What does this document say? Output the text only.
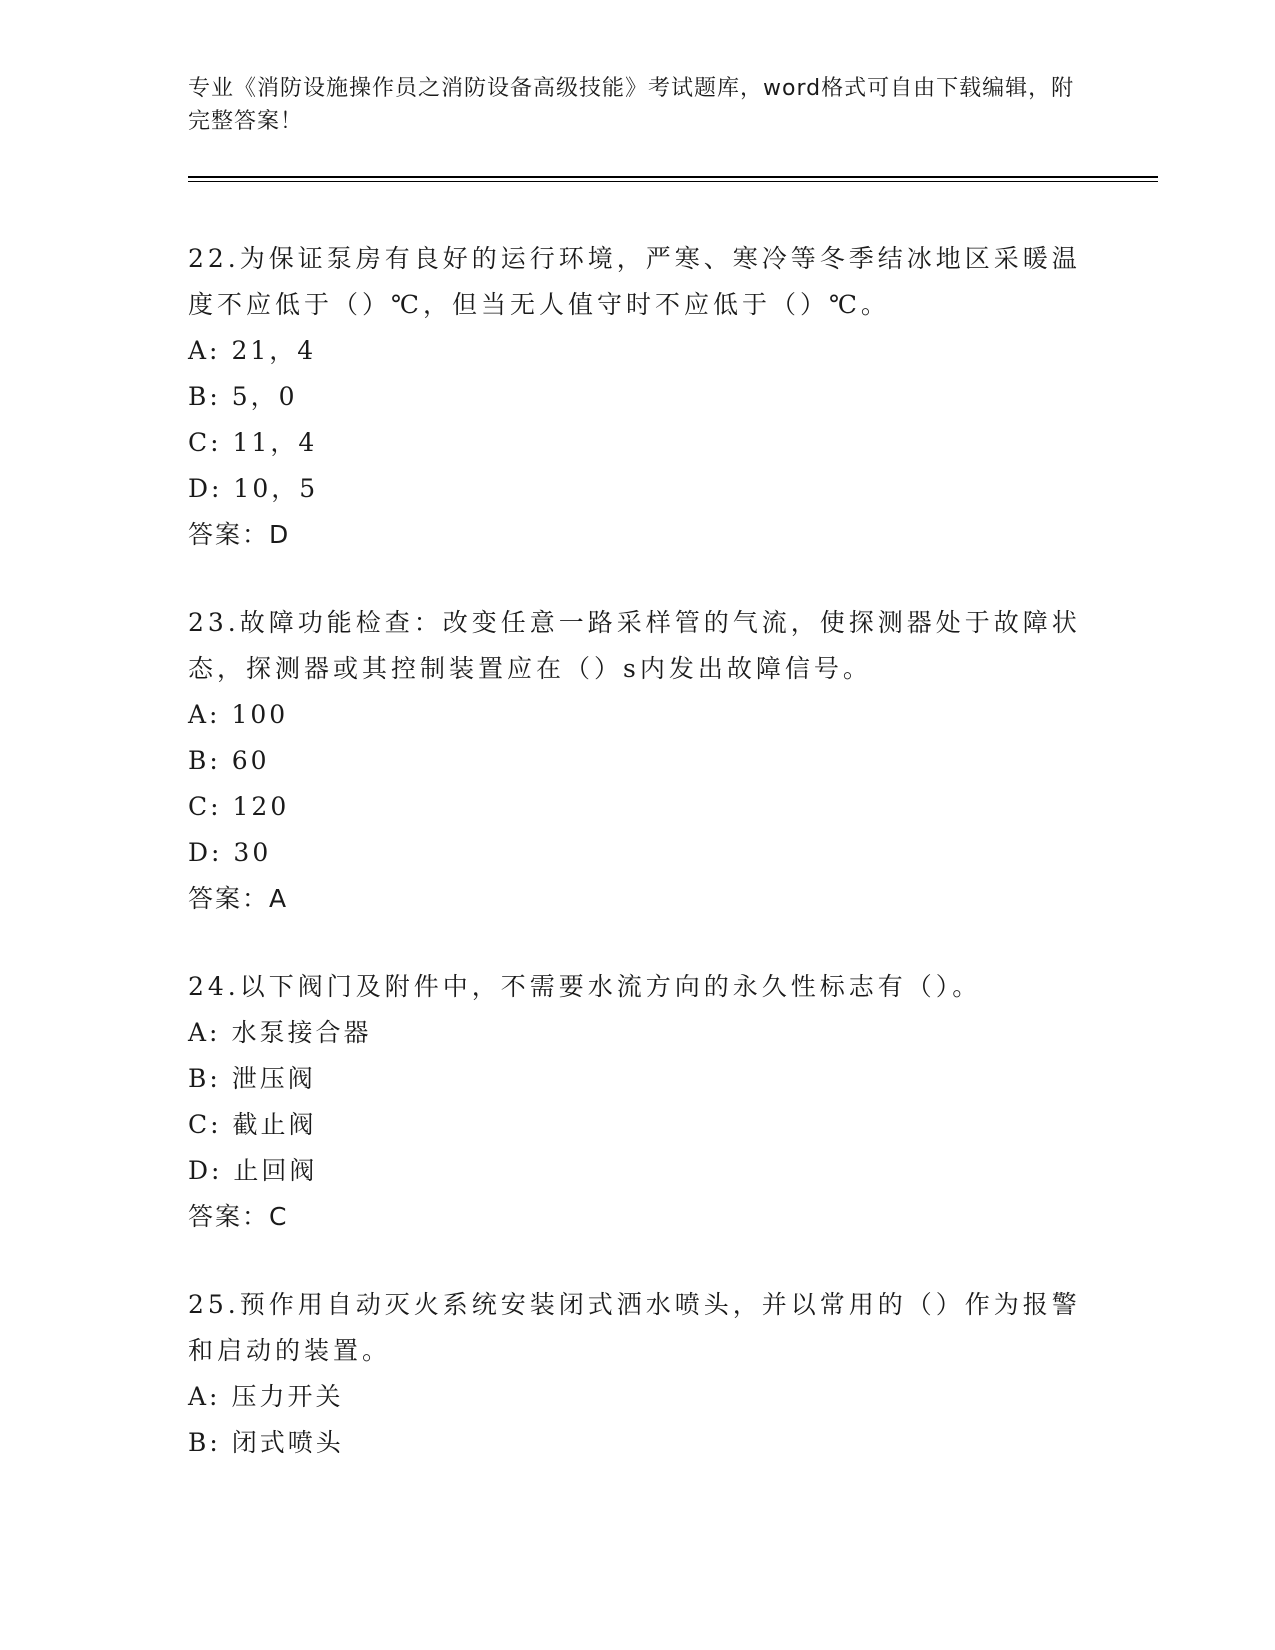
专业《消防设施操作员之消防设备高级技能》考试题库，word格式可自由下载编辑，附完整答案！

22.为保证泵房有良好的运行环境，严寒、寒冷等冬季结冰地区采暖温度不应低于（）℃，但当无人值守时不应低于（）℃。

A: 21，4

B: 5，0

C: 11，4

D: 10，5

答案：D

23.故障功能检查：改变任意一路采样管的气流，使探测器处于故障状态，探测器或其控制装置应在（）s内发出故障信号。

A: 100

B: 60

C: 120

D: 30

答案：A

24.以下阀门及附件中，不需要水流方向的永久性标志有（）。

A: 水泵接合器

B: 泄压阀

C: 截止阀

D: 止回阀

答案：C

25.预作用自动灭火系统安装闭式洒水喷头，并以常用的（）作为报警和启动的装置。

A: 压力开关

B: 闭式喷头
